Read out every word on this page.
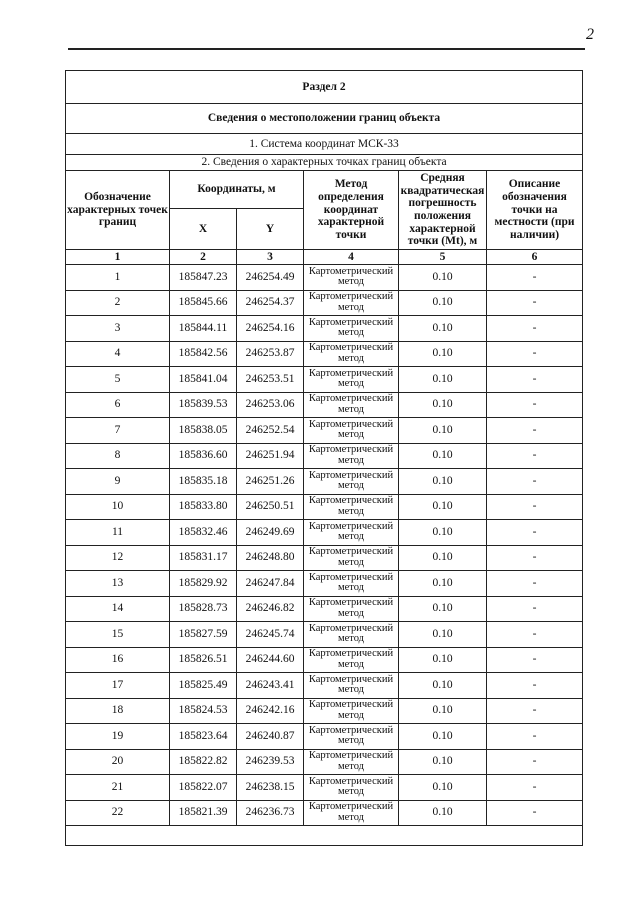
2
Раздел 2					
Сведения о местоположении границ объекта					
1. Система координат МСК-33					
2. Сведения о характерных точках границ объекта					
Обозначение характерных точек границ	Координаты, м		Метод определения координат характерной точки	Средняя квадратическая погрешность положения характерной точки (Mt), м	Описание обозначения точки на местности (при наличии)
	X	Y			
1	2	3	4	5	6
1	185847.23	246254.49	Картометрический метод	0.10	-
2	185845.66	246254.37	Картометрический метод	0.10	-
3	185844.11	246254.16	Картометрический метод	0.10	-
4	185842.56	246253.87	Картометрический метод	0.10	-
5	185841.04	246253.51	Картометрический метод	0.10	-
6	185839.53	246253.06	Картометрический метод	0.10	-
7	185838.05	246252.54	Картометрический метод	0.10	-
8	185836.60	246251.94	Картометрический метод	0.10	-
9	185835.18	246251.26	Картометрический метод	0.10	-
10	185833.80	246250.51	Картометрический метод	0.10	-
11	185832.46	246249.69	Картометрический метод	0.10	-
12	185831.17	246248.80	Картометрический метод	0.10	-
13	185829.92	246247.84	Картометрический метод	0.10	-
14	185828.73	246246.82	Картометрический метод	0.10	-
15	185827.59	246245.74	Картометрический метод	0.10	-
16	185826.51	246244.60	Картометрический метод	0.10	-
17	185825.49	246243.41	Картометрический метод	0.10	-
18	185824.53	246242.16	Картометрический метод	0.10	-
19	185823.64	246240.87	Картометрический метод	0.10	-
20	185822.82	246239.53	Картометрический метод	0.10	-
21	185822.07	246238.15	Картометрический метод	0.10	-
22	185821.39	246236.73	Картометрический метод	0.10	-
